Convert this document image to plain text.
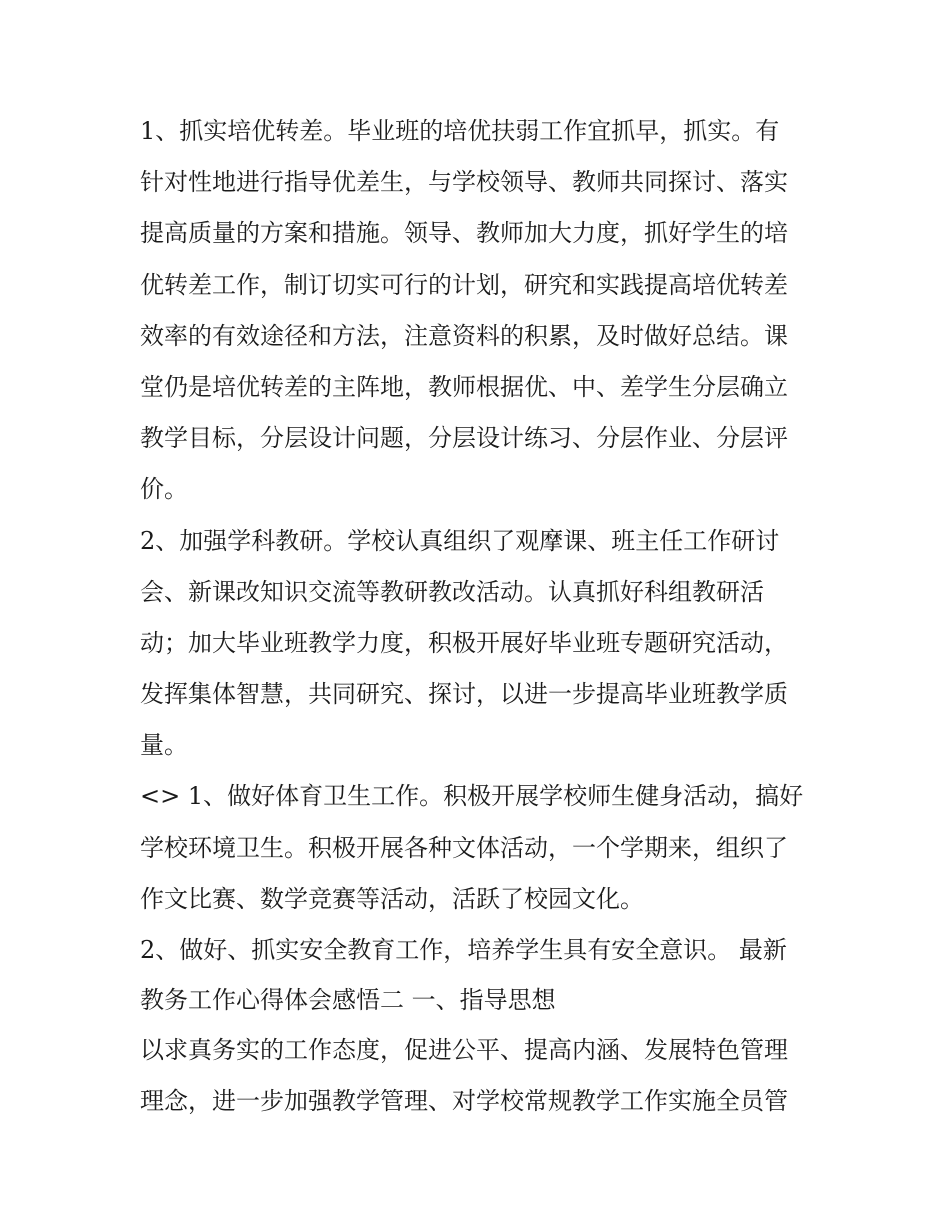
1、抓实培优转差。毕业班的培优扶弱工作宜抓早，抓实。有
针对性地进行指导优差生，与学校领导、教师共同探讨、落实
提高质量的方案和措施。领导、教师加大力度，抓好学生的培
优转差工作，制订切实可行的计划，研究和实践提高培优转差
效率的有效途径和方法，注意资料的积累，及时做好总结。课
堂仍是培优转差的主阵地，教师根据优、中、差学生分层确立
教学目标，分层设计问题，分层设计练习、分层作业、分层评
价。
2、加强学科教研。学校认真组织了观摩课、班主任工作研讨
会、新课改知识交流等教研教改活动。认真抓好科组教研活
动；加大毕业班教学力度，积极开展好毕业班专题研究活动，
发挥集体智慧，共同研究、探讨，以进一步提高毕业班教学质
量。
<> 1、做好体育卫生工作。积极开展学校师生健身活动，搞好
学校环境卫生。积极开展各种文体活动，一个学期来，组织了
作文比赛、数学竞赛等活动，活跃了校园文化。
2、做好、抓实安全教育工作，培养学生具有安全意识。 最新
教务工作心得体会感悟二 一、指导思想
以求真务实的工作态度，促进公平、提高内涵、发展特色管理
理念，进一步加强教学管理、对学校常规教学工作实施全员管
